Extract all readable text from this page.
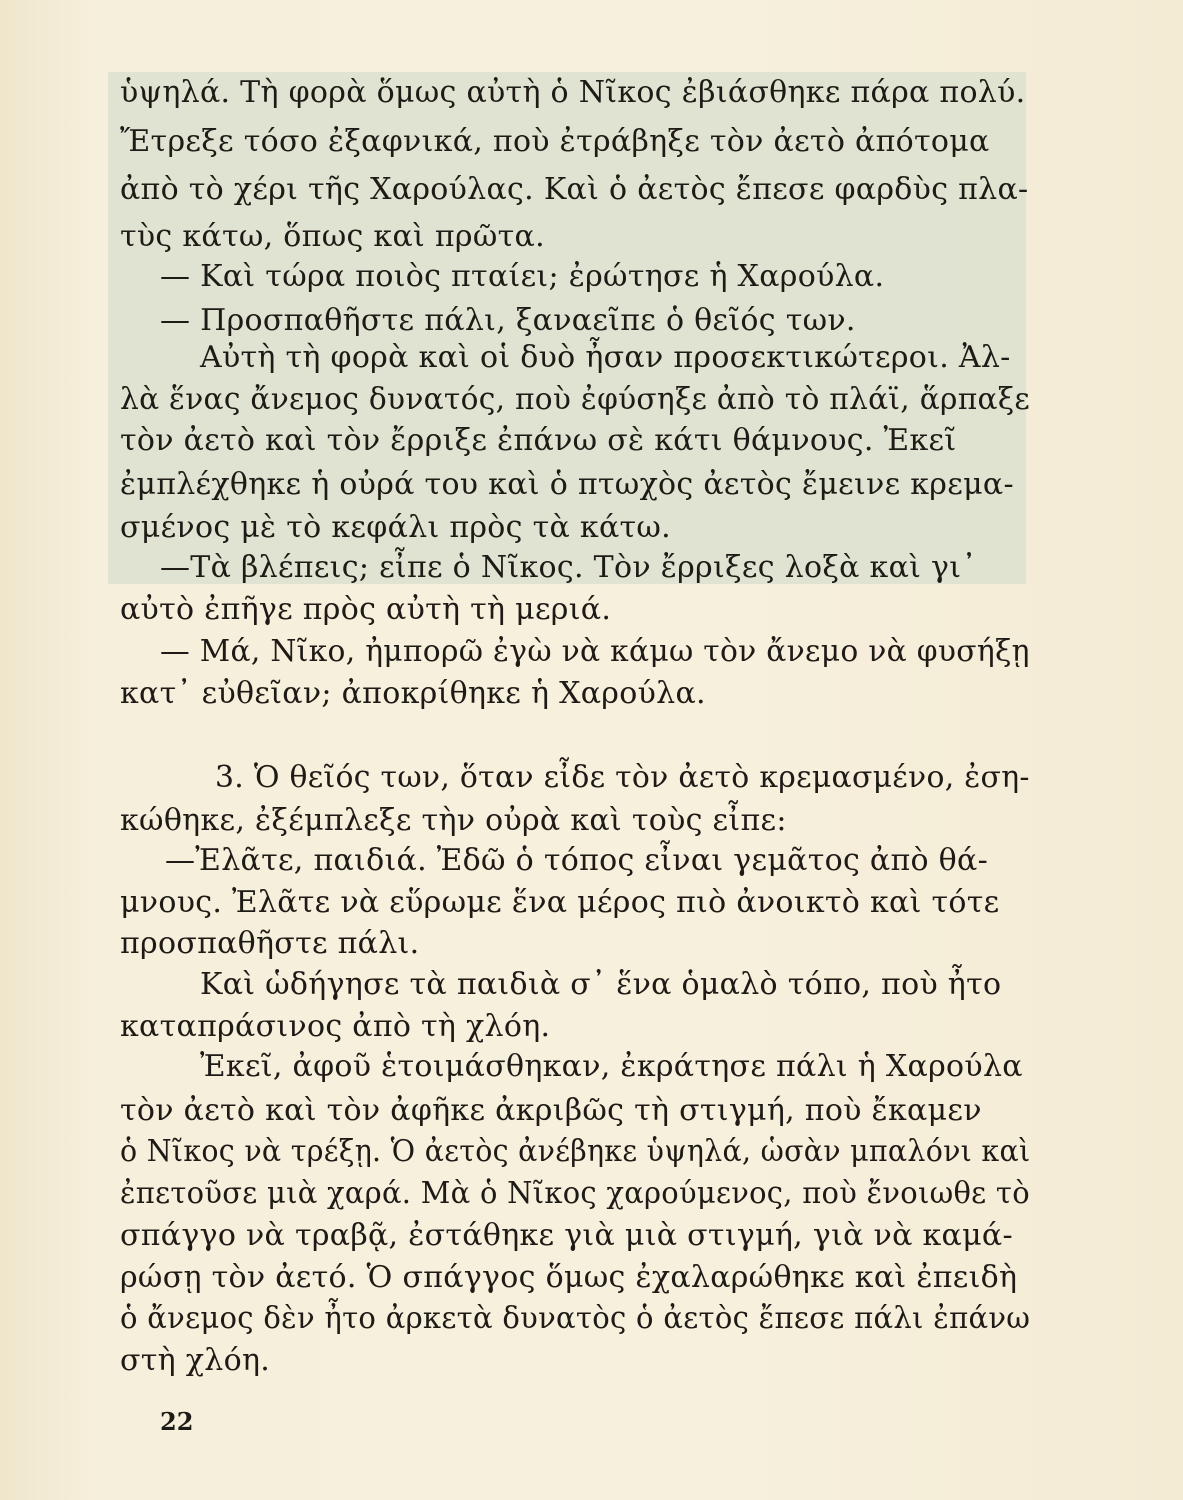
ὑψηλά. Τὴ φορὰ ὅμως αὐτὴ ὁ Νῖκος ἐβιάσθηκε πάρα πολύ.
Ἔτρεξε τόσο ἐξαφνικά, ποὺ ἐτράβηξε τὸν ἀετὸ ἀπότομα
ἀπὸ τὸ χέρι τῆς Χαρούλας. Καὶ ὁ ἀετὸς ἔπεσε φαρδὺς πλα-
τὺς κάτω, ὅπως καὶ πρῶτα.
— Καὶ τώρα ποιὸς πταίει; ἐρώτησε ἡ Χαρούλα.
— Προσπαθῆστε πάλι, ξαναεῖπε ὁ θεῖός των.
Αὐτὴ τὴ φορὰ καὶ οἱ δυὸ ἦσαν προσεκτικώτεροι. Ἀλ-
λὰ ἕνας ἄνεμος δυνατός, ποὺ ἐφύσηξε ἀπὸ τὸ πλάϊ, ἅρπαξε
τὸν ἀετὸ καὶ τὸν ἔρριξε ἐπάνω σὲ κάτι θάμνους. Ἐκεῖ
ἐμπλέχθηκε ἡ οὐρά του καὶ ὁ πτωχὸς ἀετὸς ἔμεινε κρεμα-
σμένος μὲ τὸ κεφάλι πρὸς τὰ κάτω.
—Τὰ βλέπεις; εἶπε ὁ Νῖκος. Τὸν ἔρριξες λοξὰ καὶ γι᾽
αὐτὸ ἐπῆγε πρὸς αὐτὴ τὴ μεριά.
— Μά, Νῖκο, ἠμπορῶ ἐγὼ νὰ κάμω τὸν ἄνεμο νὰ φυσήξῃ
κατ᾽ εὐθεῖαν; ἀποκρίθηκε ἡ Χαρούλα.
3. Ὁ θεῖός των, ὅταν εἶδε τὸν ἀετὸ κρεμασμένο, ἐση-
κώθηκε, ἐξέμπλεξε τὴν οὐρὰ καὶ τοὺς εἶπε:
—Ἐλᾶτε, παιδιά. Ἐδῶ ὁ τόπος εἶναι γεμᾶτος ἀπὸ θά-
μνους. Ἐλᾶτε νὰ εὕρωμε ἕνα μέρος πιὸ ἀνοικτὸ καὶ τότε
προσπαθῆστε πάλι.
Καὶ ὡδήγησε τὰ παιδιὰ σ᾽ ἕνα ὁμαλὸ τόπο, ποὺ ἦτο
καταπράσινος ἀπὸ τὴ χλόη.
Ἐκεῖ, ἀφοῦ ἑτοιμάσθηκαν, ἐκράτησε πάλι ἡ Χαρούλα
τὸν ἀετὸ καὶ τὸν ἀφῆκε ἀκριβῶς τὴ στιγμή, ποὺ ἔκαμεν
ὁ Νῖκος νὰ τρέξῃ. Ὁ ἀετὸς ἀνέβηκε ὑψηλά, ὡσὰν μπαλόνι καὶ
ἐπετοῦσε μιὰ χαρά. Μὰ ὁ Νῖκος χαρούμενος, ποὺ ἔνοιωθε τὸ
σπάγγο νὰ τραβᾷ, ἐστάθηκε γιὰ μιὰ στιγμή, γιὰ νὰ καμά-
ρώσῃ τὸν ἀετό. Ὁ σπάγγος ὅμως ἐχαλαρώθηκε καὶ ἐπειδὴ
ὁ ἄνεμος δὲν ἦτο ἀρκετὰ δυνατὸς ὁ ἀετὸς ἔπεσε πάλι ἐπάνω
στὴ χλόη.
22
